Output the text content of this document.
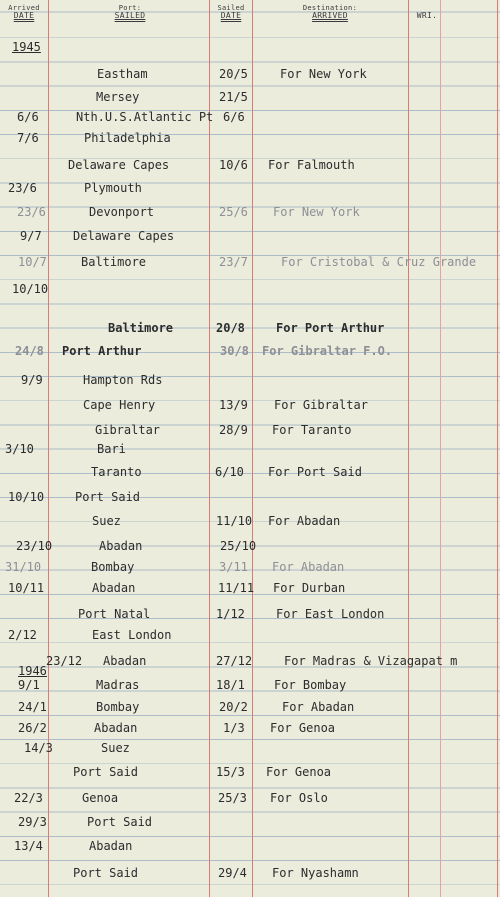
Arrived
DATE
Port:
SAILED
Sailed
DATE
Destination:
ARRIVED	WRI.
1945
1946
Eastham	20/5	For New York
Mersey	21/5
6/6	Nth.U.S.Atlantic Pt 6/6
7/6	Philadelphia
Delaware Capes	10/6 For Falmouth
23/6	Plymouth
23/6	Devonport	25/6 For New York
9/7	Delaware Capes
10/7	Baltimore	23/7	For Cristobal & Cruz Grande
10/10
Baltimore	20/8	For Port Arthur
24/8 Port Arthur	30/8 For Gibraltar F.O.
9/9	Hampton Rds
Cape Henry	13/9 For Gibraltar
Gibraltar	28/9 For Taranto
3/10	Bari
Taranto	6/10 For Port Said
10/10	Port Said
Suez	11/10 For Abadan
23/10	Abadan	25/10
31/10	Bombay	3/11 For Abadan
10/11	Abadan	11/11 For Durban
Port Natal	1/12	For East London
2/12	East London
23/12 Abadan	27/12	For Madras & Vizagapat m
9/1	Madras	18/1 For Bombay
24/1	Bombay	20/2	For Abadan
26/2	Abadan	1/3 For Genoa
14/3	Suez
Port Said	15/3 For Genoa
22/3	Genoa	25/3 For Oslo
29/3	Port Said
13/4	Abadan
Port Said	29/4 For Nyashamn
